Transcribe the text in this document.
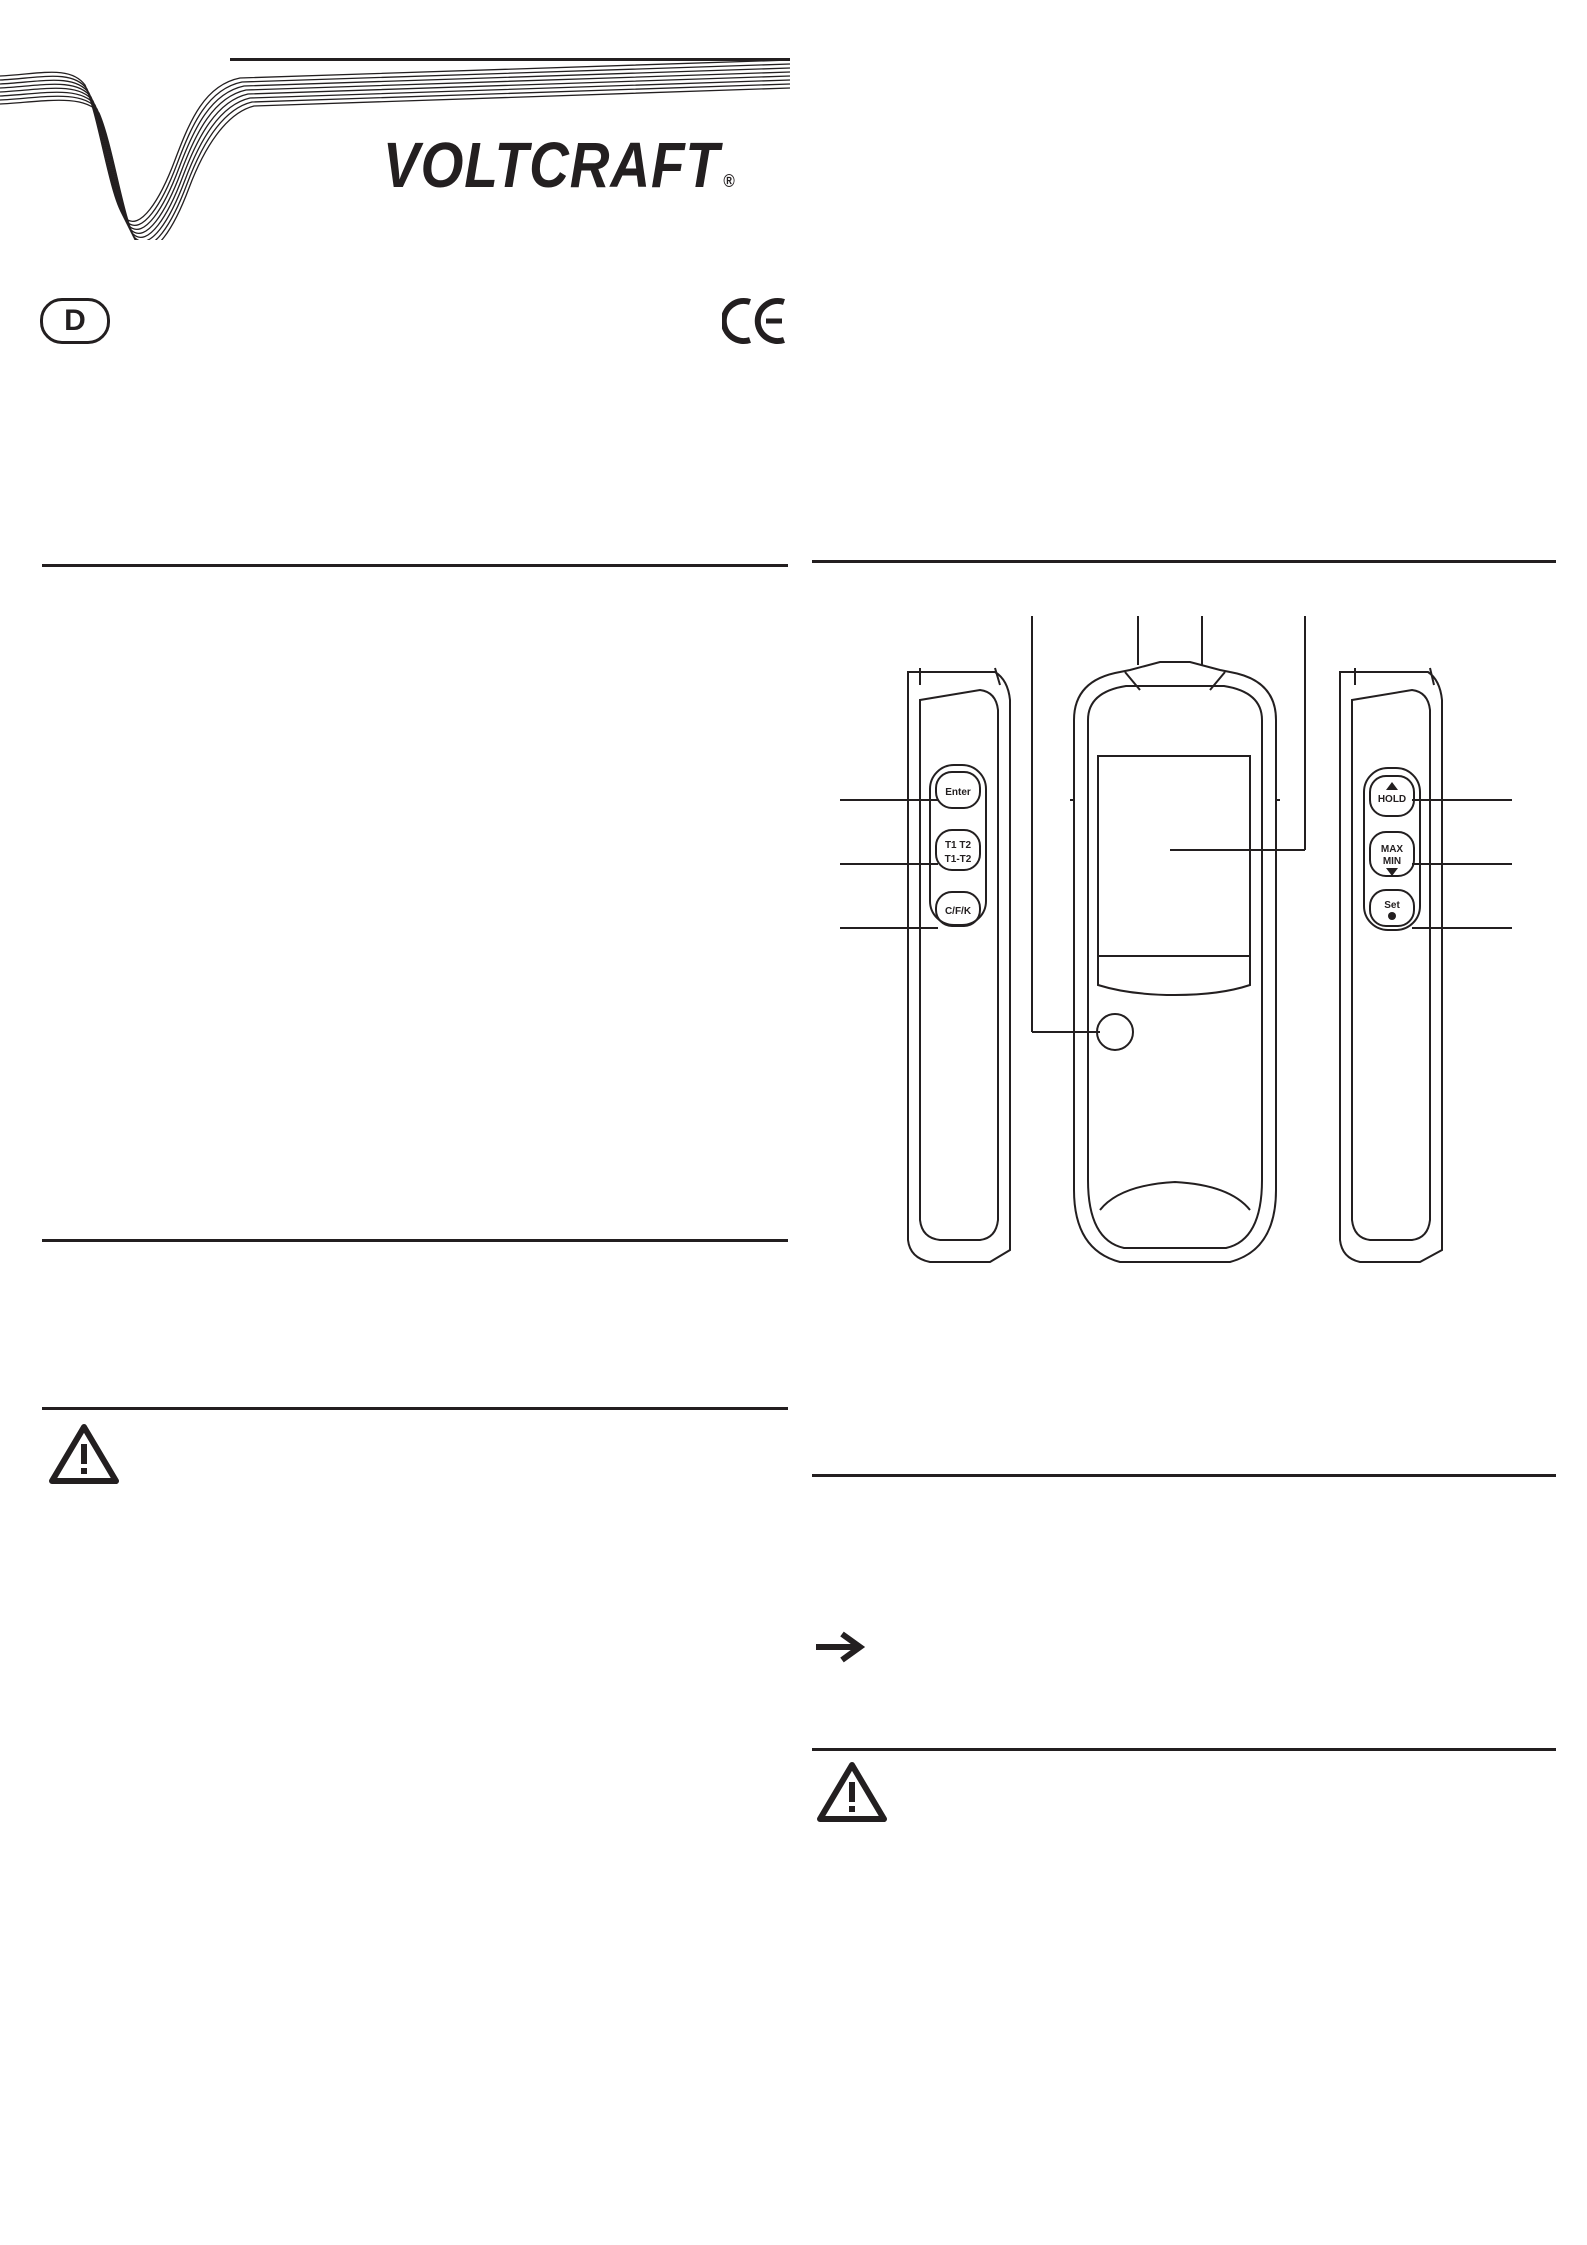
VOLTCRAFT ®
D
Enter
T1 T2
T1-T2
C/F/K
HOLD
MAX
MIN
Set
